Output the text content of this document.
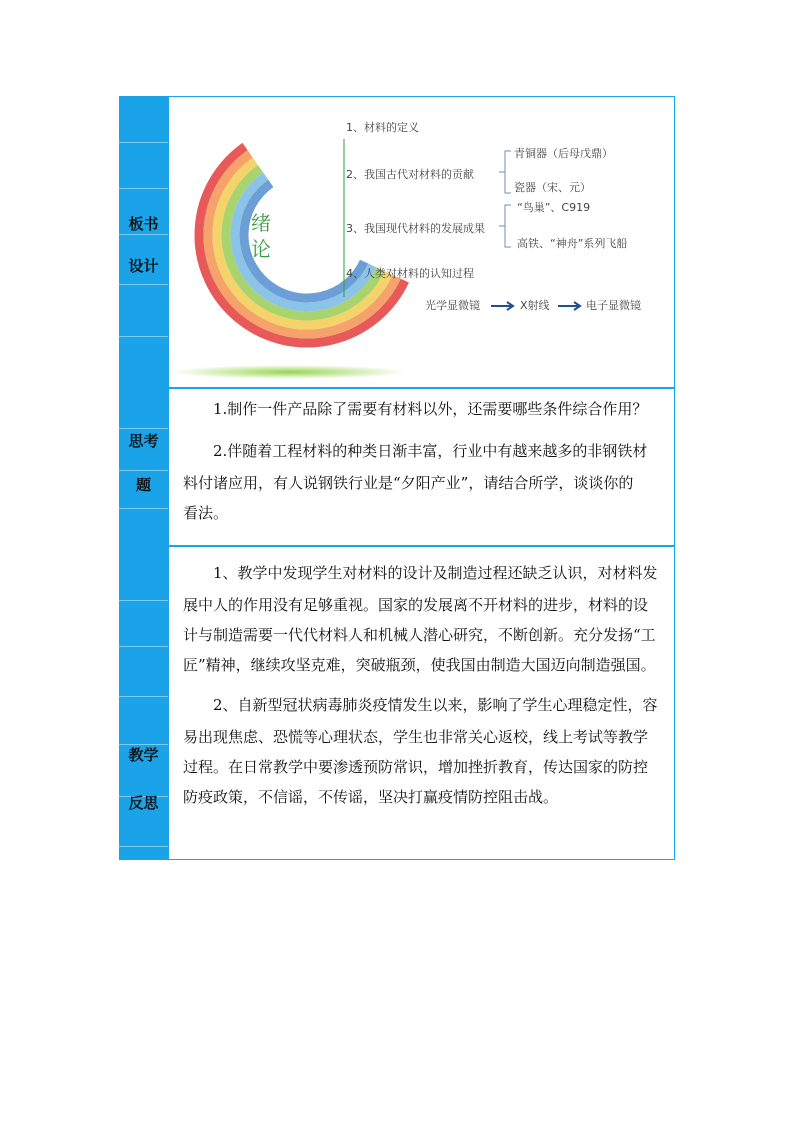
板书
设计
绪
论
1、材料的定义
2、我国古代对材料的贡献
3、我国现代材料的发展成果
4、人类对材料的认知过程
青铜器（后母戊鼎）
瓷器（宋、元）
“鸟巢”、C919
高铁、“神舟”系列飞船
光学显微镜	X射线	电子显微镜
思考
题
1.制作一件产品除了需要有材料以外，还需要哪些条件综合作用？
2.伴随着工程材料的种类日渐丰富，行业中有越来越多的非钢铁材
料付诸应用，有人说钢铁行业是“夕阳产业”，请结合所学，谈谈你的
看法。
教学
反思
1、教学中发现学生对材料的设计及制造过程还缺乏认识，对材料发
展中人的作用没有足够重视。国家的发展离不开材料的进步，材料的设
计与制造需要一代代材料人和机械人潜心研究，不断创新。充分发扬“工
匠”精神，继续攻坚克难，突破瓶颈，使我国由制造大国迈向制造强国。
2、自新型冠状病毒肺炎疫情发生以来，影响了学生心理稳定性，容
易出现焦虑、恐慌等心理状态，学生也非常关心返校，线上考试等教学
过程。在日常教学中要渗透预防常识，增加挫折教育，传达国家的防控
防疫政策，不信谣，不传谣，坚决打赢疫情防控阻击战。
